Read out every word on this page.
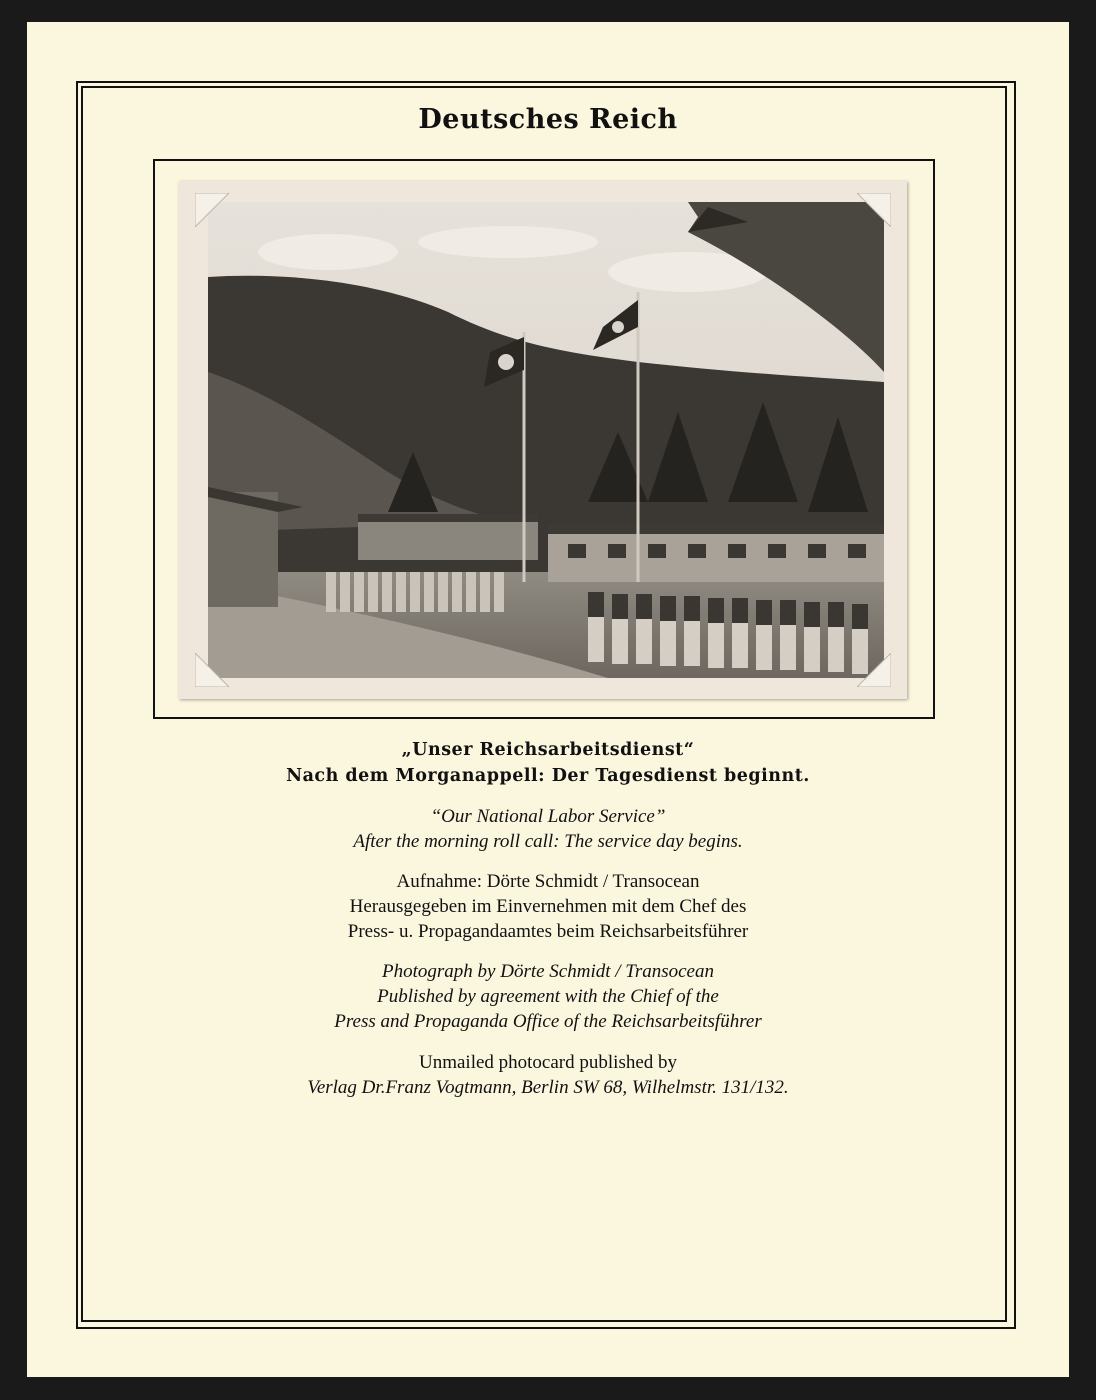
Deutsches Reich
„Unser Reichsarbeitsdienst“
Nach dem Morganappell: Der Tagesdienst beginnt.
“Our National Labor Service”
After the morning roll call: The service day begins.
Aufnahme: Dörte Schmidt / Transocean
Herausgegeben im Einvernehmen mit dem Chef des
Press- u. Propagandaamtes beim Reichsarbeitsführer
Photograph by Dörte Schmidt / Transocean
Published by agreement with the Chief of the
Press and Propaganda Office of the Reichsarbeitsführer
Unmailed photocard published by
Verlag Dr.Franz Vogtmann, Berlin SW 68, Wilhelmstr. 131/132.
